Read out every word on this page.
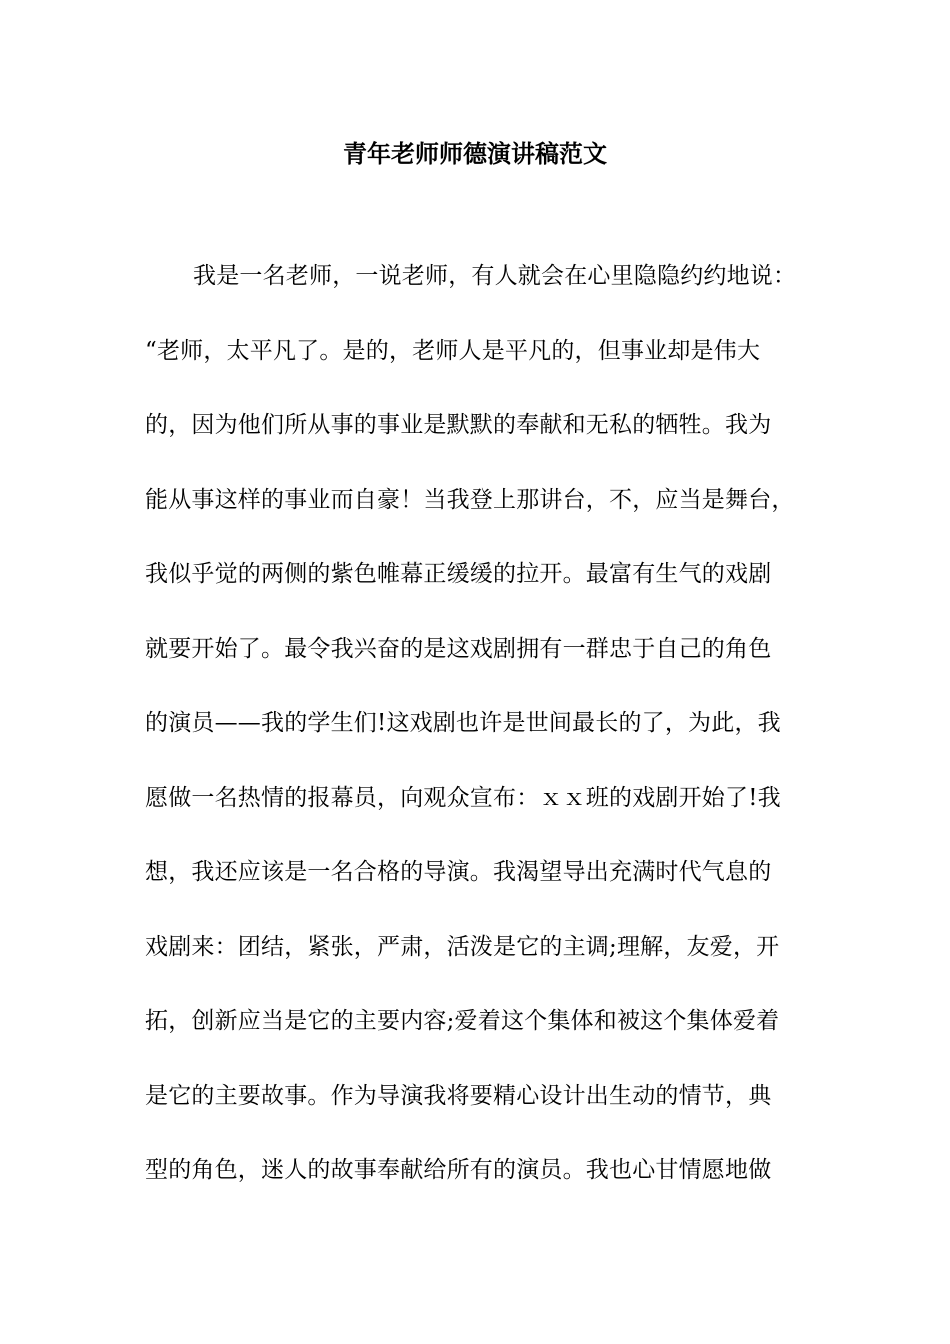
青年老师师德演讲稿范文
我是一名老师，一说老师，有人就会在心里隐隐约约地说：
“老师，太平凡了。是的，老师人是平凡的，但事业却是伟大
的，因为他们所从事的事业是默默的奉献和无私的牺牲。我为
能从事这样的事业而自豪！当我登上那讲台，不，应当是舞台，
我似乎觉的两侧的紫色帷幕正缓缓的拉开。最富有生气的戏剧
就要开始了。最令我兴奋的是这戏剧拥有一群忠于自己的角色
的演员——我的学生们!这戏剧也许是世间最长的了，为此，我
愿做一名热情的报幕员，向观众宣布：ｘｘ班的戏剧开始了!我
想，我还应该是一名合格的导演。我渴望导出充满时代气息的
戏剧来：团结，紧张，严肃，活泼是它的主调;理解，友爱，开
拓，创新应当是它的主要内容;爱着这个集体和被这个集体爱着
是它的主要故事。作为导演我将要精心设计出生动的情节，典
型的角色，迷人的故事奉献给所有的演员。我也心甘情愿地做
